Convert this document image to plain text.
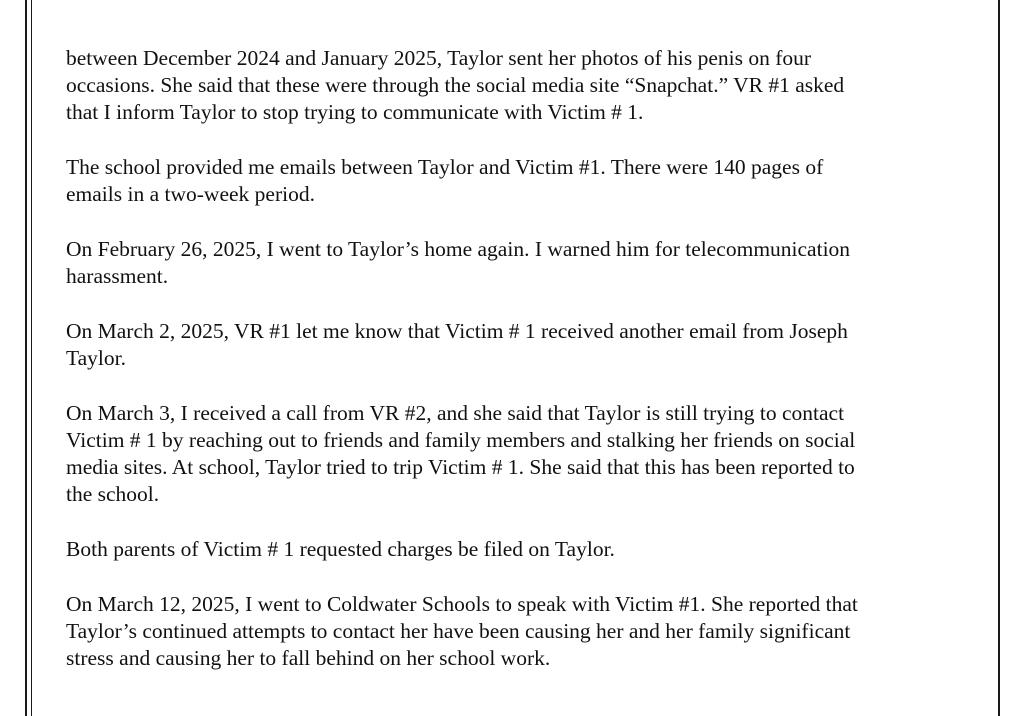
between December 2024 and January 2025, Taylor sent her photos of his penis on four
occasions. She said that these were through the social media site “Snapchat.” VR #1 asked
that I inform Taylor to stop trying to communicate with Victim # 1.

The school provided me emails between Taylor and Victim #1. There were 140 pages of
emails in a two-week period.

On February 26, 2025, I went to Taylor’s home again. I warned him for telecommunication
harassment.

On March 2, 2025, VR #1 let me know that Victim # 1 received another email from Joseph
Taylor.

On March 3, I received a call from VR #2, and she said that Taylor is still trying to contact
Victim # 1 by reaching out to friends and family members and stalking her friends on social
media sites. At school, Taylor tried to trip Victim # 1. She said that this has been reported to
the school.

Both parents of Victim # 1 requested charges be filed on Taylor.

On March 12, 2025, I went to Coldwater Schools to speak with Victim #1. She reported that
Taylor’s continued attempts to contact her have been causing her and her family significant
stress and causing her to fall behind on her school work.
